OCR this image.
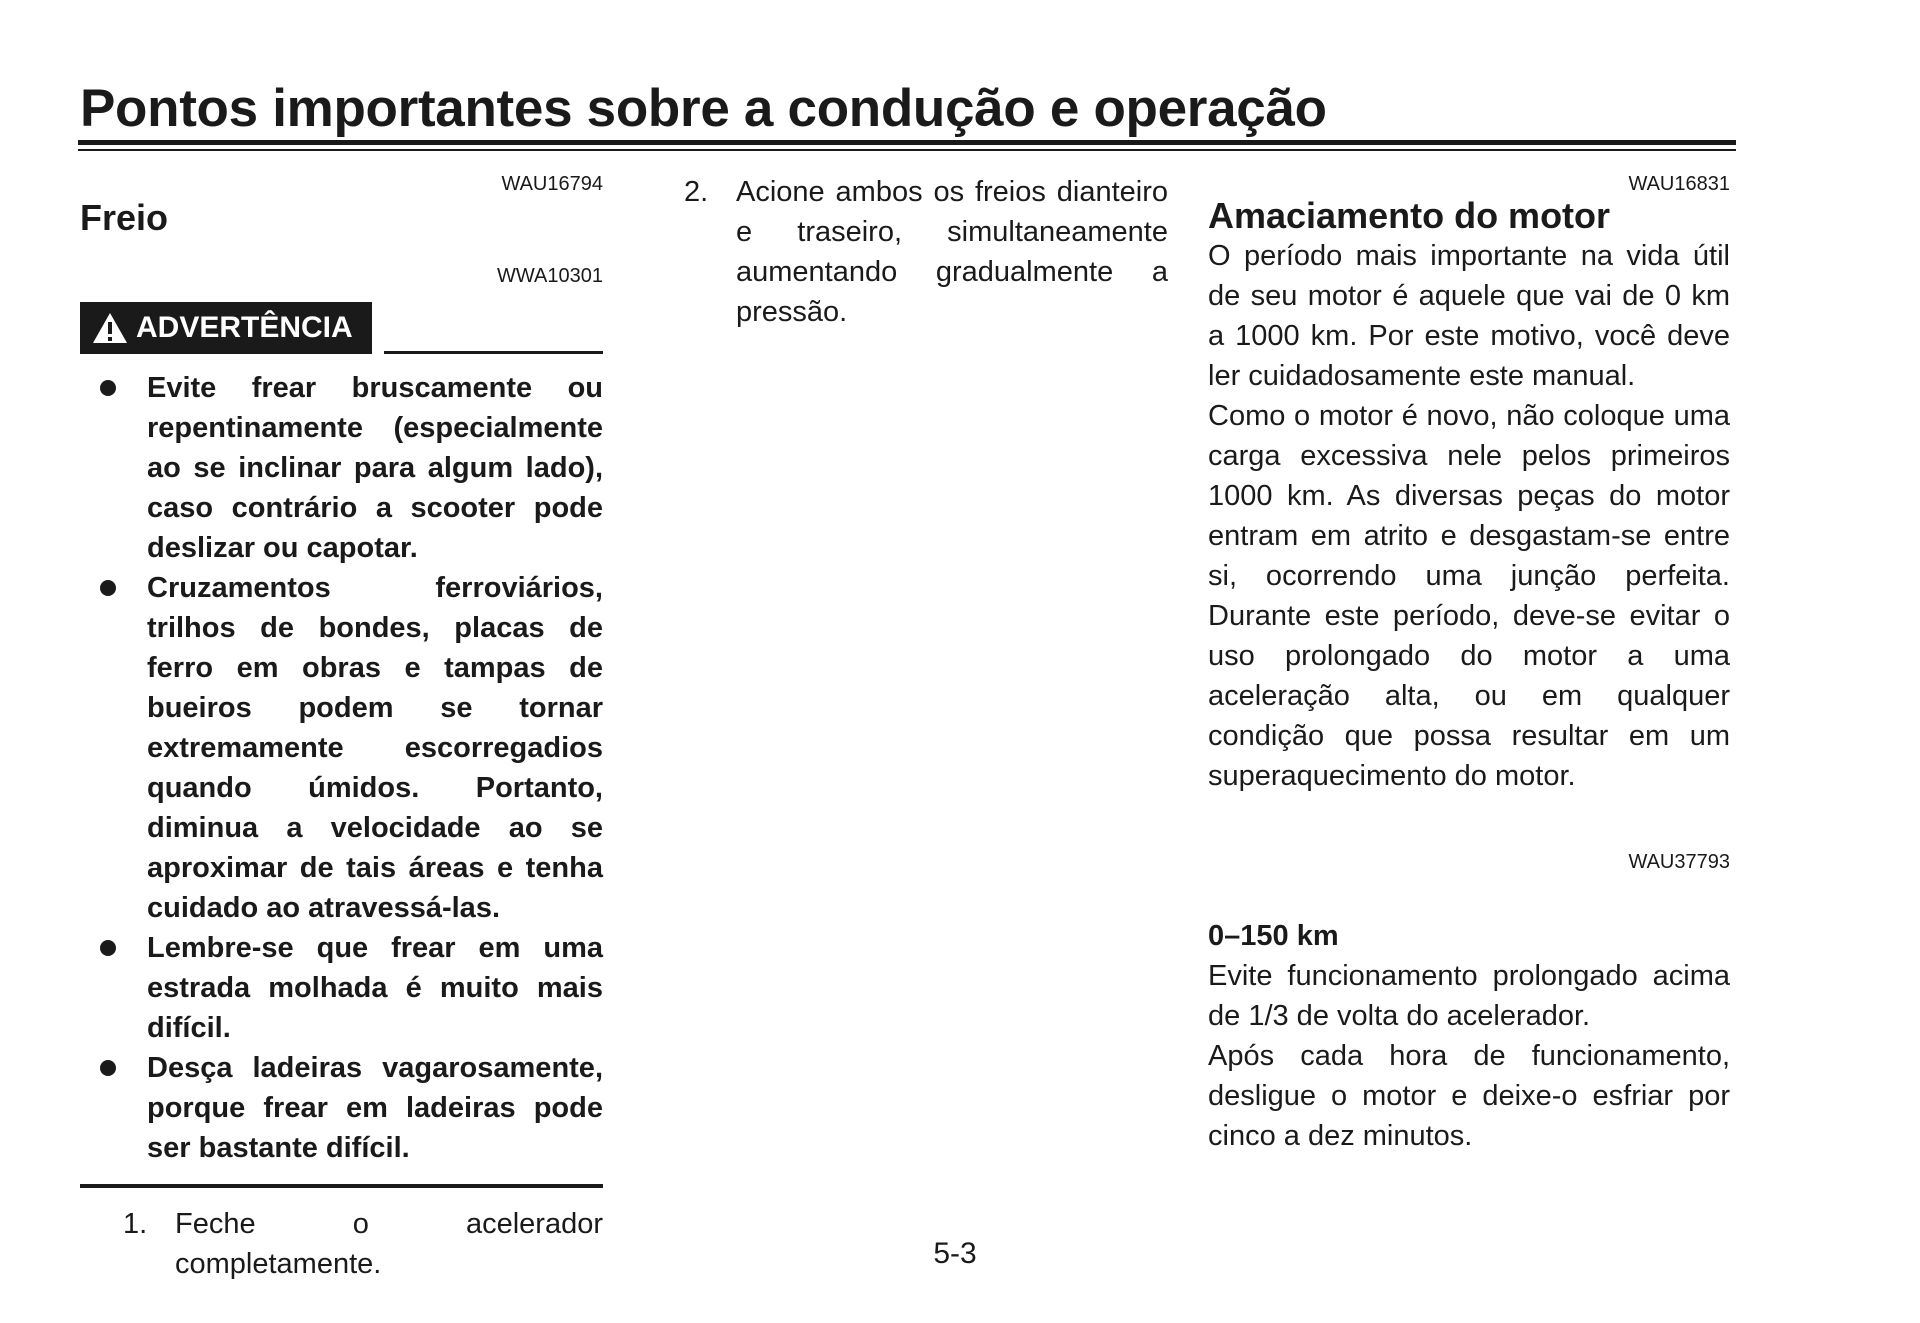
Pontos importantes sobre a condução e operação
WAU16794
Freio
WWA10301
ADVERTÊNCIA
Evite frear bruscamente ou repentinamente (especialmente ao se inclinar para algum lado), caso contrário a scooter pode deslizar ou capotar.
Cruzamentos ferroviários, trilhos de bondes, placas de ferro em obras e tampas de bueiros podem se tornar extremamente escorregadios quando úmidos. Portanto, diminua a velocidade ao se aproximar de tais áreas e tenha cuidado ao atravessá-las.
Lembre-se que frear em uma estrada molhada é muito mais difícil.
Desça ladeiras vagarosamente, porque frear em ladeiras pode ser bastante difícil.
1. Feche o acelerador completamente.
2. Acione ambos os freios dianteiro e traseiro, simultaneamente aumentando gradualmente a pressão.
WAU16831
Amaciamento do motor

O período mais importante na vida útil de seu motor é aquele que vai de 0 km a 1000 km. Por este motivo, você deve ler cuidadosamente este manual.

Como o motor é novo, não coloque uma carga excessiva nele pelos primeiros 1000 km. As diversas peças do motor entram em atrito e desgastam-se entre si, ocorrendo uma junção perfeita. Durante este período, deve-se evitar o uso prolongado do motor a uma aceleração alta, ou em qualquer condição que possa resultar em um superaquecimento do motor.

WAU37793
0–150 km

Evite funcionamento prolongado acima de 1/3 de volta do acelerador.

Após cada hora de funcionamento, desligue o motor e deixe-o esfriar por cinco a dez minutos.

5-3
